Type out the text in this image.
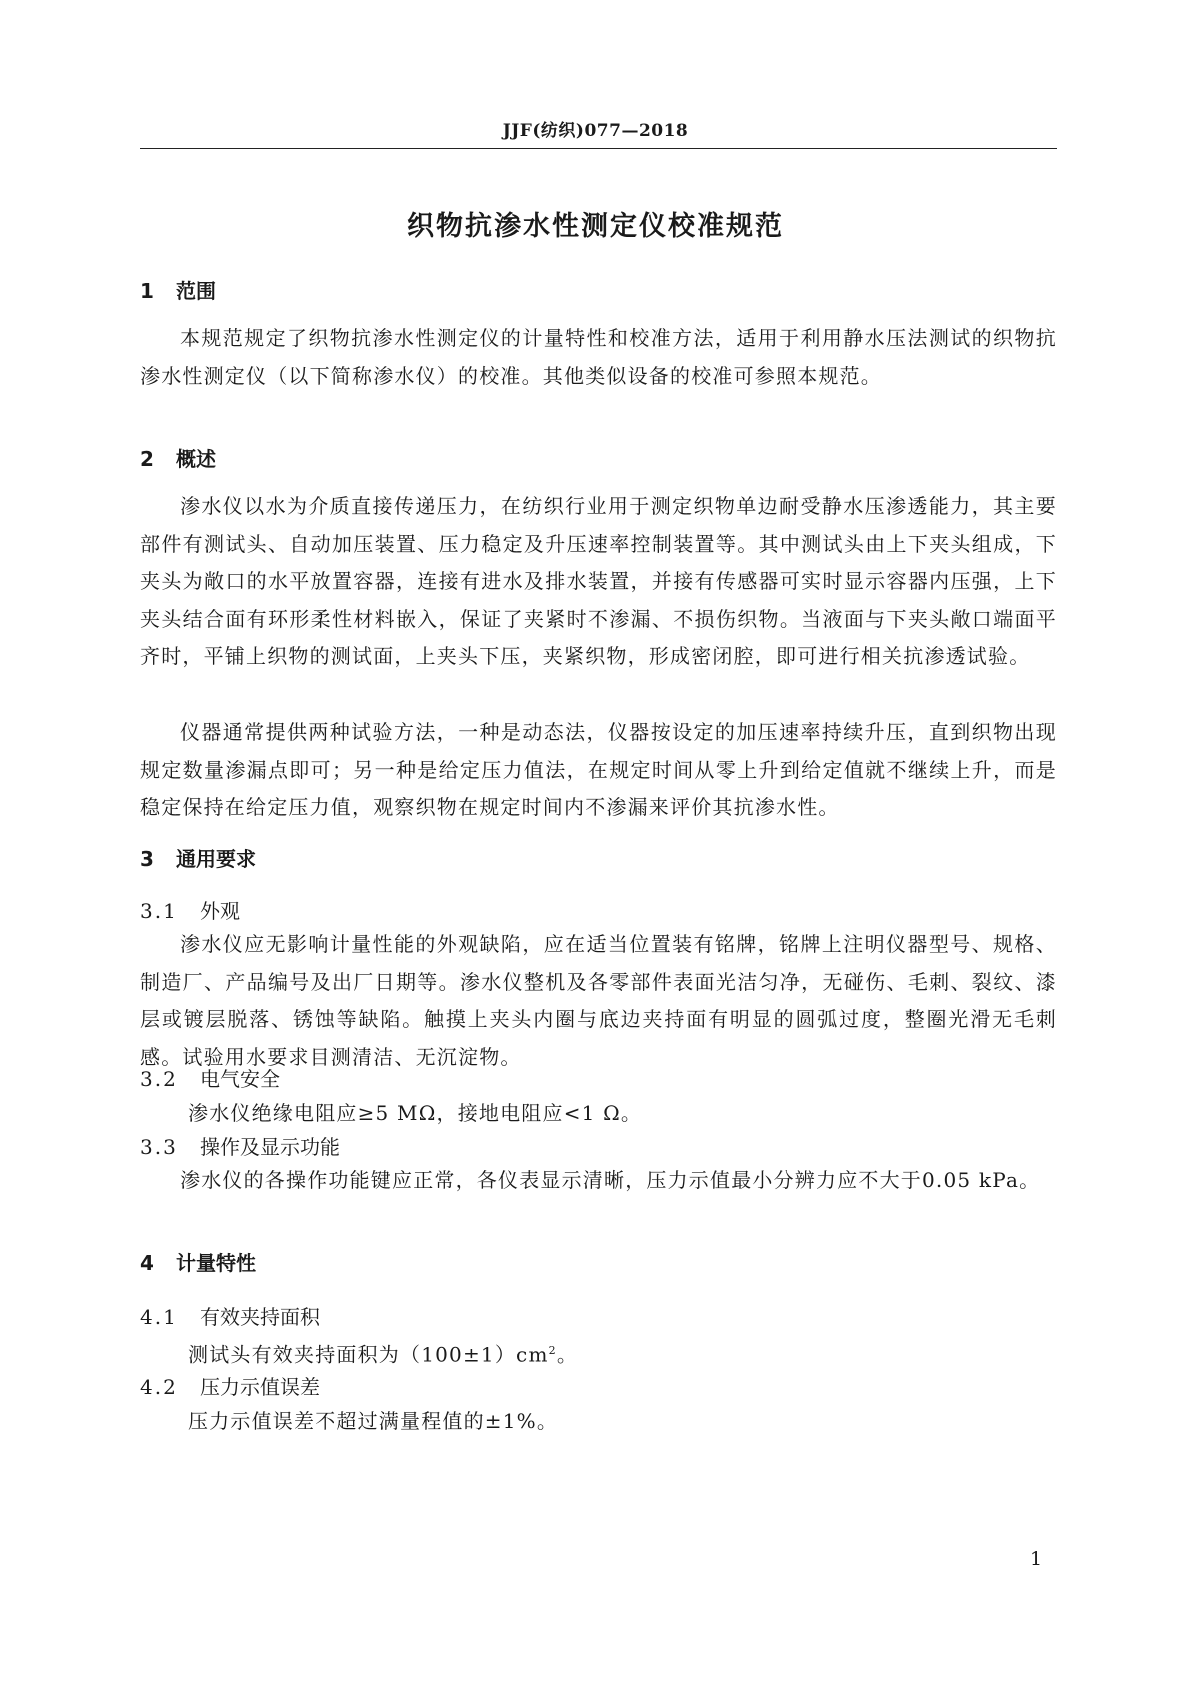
JJF(纺织)077—2018
织物抗渗水性测定仪校准规范
1 范围
本规范规定了织物抗渗水性测定仪的计量特性和校准方法，适用于利用静水压法测试的织物抗渗水性测定仪（以下简称渗水仪）的校准。其他类似设备的校准可参照本规范。
2 概述
渗水仪以水为介质直接传递压力，在纺织行业用于测定织物单边耐受静水压渗透能力，其主要部件有测试头、自动加压装置、压力稳定及升压速率控制装置等。其中测试头由上下夹头组成，下夹头为敞口的水平放置容器，连接有进水及排水装置，并接有传感器可实时显示容器内压强，上下夹头结合面有环形柔性材料嵌入，保证了夹紧时不渗漏、不损伤织物。当液面与下夹头敞口端面平齐时，平铺上织物的测试面，上夹头下压，夹紧织物，形成密闭腔，即可进行相关抗渗透试验。
仪器通常提供两种试验方法，一种是动态法，仪器按设定的加压速率持续升压，直到织物出现规定数量渗漏点即可；另一种是给定压力值法，在规定时间从零上升到给定值就不继续上升，而是稳定保持在给定压力值，观察织物在规定时间内不渗漏来评价其抗渗水性。
3 通用要求
3.1 外观
渗水仪应无影响计量性能的外观缺陷，应在适当位置装有铭牌，铭牌上注明仪器型号、规格、制造厂、产品编号及出厂日期等。渗水仪整机及各零部件表面光洁匀净，无碰伤、毛刺、裂纹、漆层或镀层脱落、锈蚀等缺陷。触摸上夹头内圈与底边夹持面有明显的圆弧过度，整圈光滑无毛刺感。试验用水要求目测清洁、无沉淀物。
3.2 电气安全
渗水仪绝缘电阻应≥5 MΩ，接地电阻应<1 Ω。
3.3 操作及显示功能
渗水仪的各操作功能键应正常，各仪表显示清晰，压力示值最小分辨力应不大于0.05 kPa。
4 计量特性
4.1 有效夹持面积
测试头有效夹持面积为$(100\pm 1)cm^2$。
4.2 压力示值误差
压力示值误差不超过满量程值的±1%。
1
